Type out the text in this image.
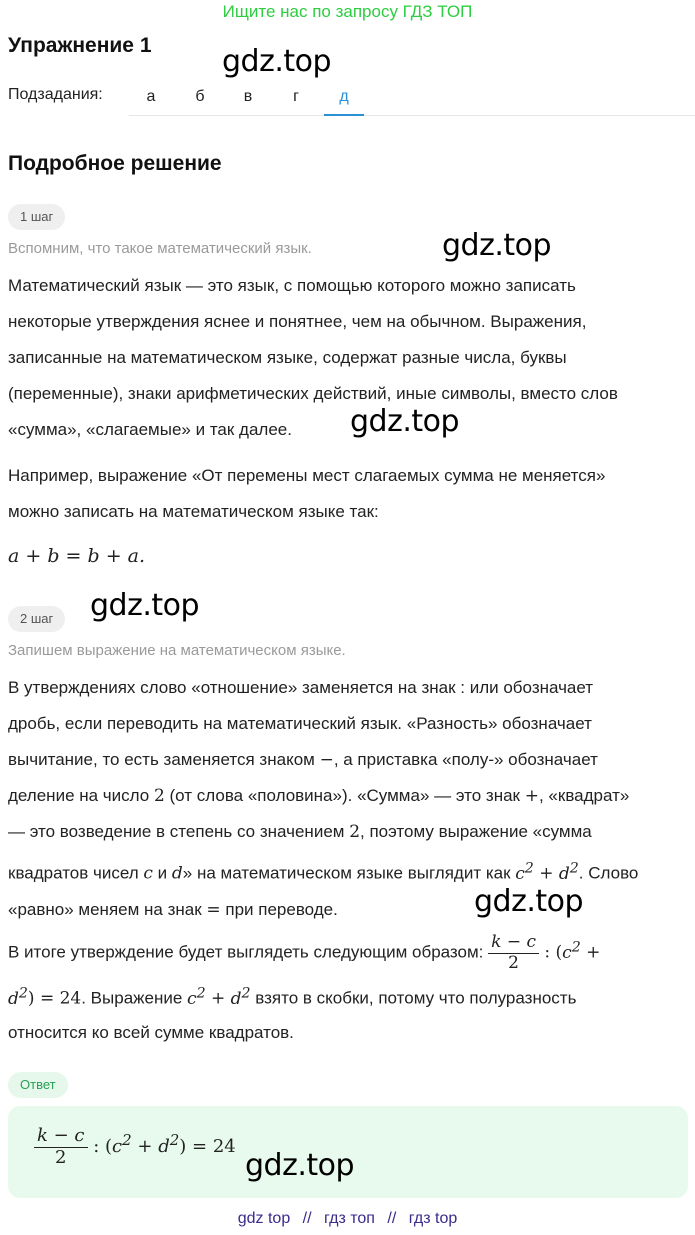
Ищите нас по запросу ГДЗ ТОП
Упражнение 1 gdz.top
Подзадания:	а	б	в	г	д
Подробное решение
1 шаг
Вспомним, что такое математический язык.	gdz.top
Математический язык — это язык, с помощью которого можно записать
некоторые утверждения яснее и понятнее, чем на обычном. Выражения,
записанные на математическом языке, содержат разные числа, буквы
(переменные), знаки арифметических действий, иные символы, вместо слов
«сумма», «слагаемые» и так далее.	gdz.top
Например, выражение «От перемены мест слагаемых сумма не меняется»
можно записать на математическом языке так:
a + b = b + a.
2 шаг	gdz.top
Запишем выражение на математическом языке.
В утверждениях слово «отношение» заменяется на знак : или обозначает
дробь, если переводить на математический язык. «Разность» обозначает
вычитание, то есть заменяется знаком −, а приставка «полу-» обозначает
деление на число 2 (от слова «половина»). «Сумма» — это знак +, «квадрат»
— это возведение в степень со значением 2, поэтому выражение «сумма
квадратов чисел c и d» на математическом языке выглядит как $c^2 + d^2$. Слово
«равно» меняем на знак = при переводе.	gdz.top
В итоге утверждение будет выглядеть следующим образом: $\frac{k - c}{2}$ : ($c^2$ +
$d^2) = 24$. Выражение $c^2 + d^2$ взято в скобки, потому что полуразность
относится ко всей сумме квадратов.
Ответ
$\frac{k - c}{2}$ : $(c^2 + d^2) = 24$
gdz.top
gdz top // гдз топ // гдз top
